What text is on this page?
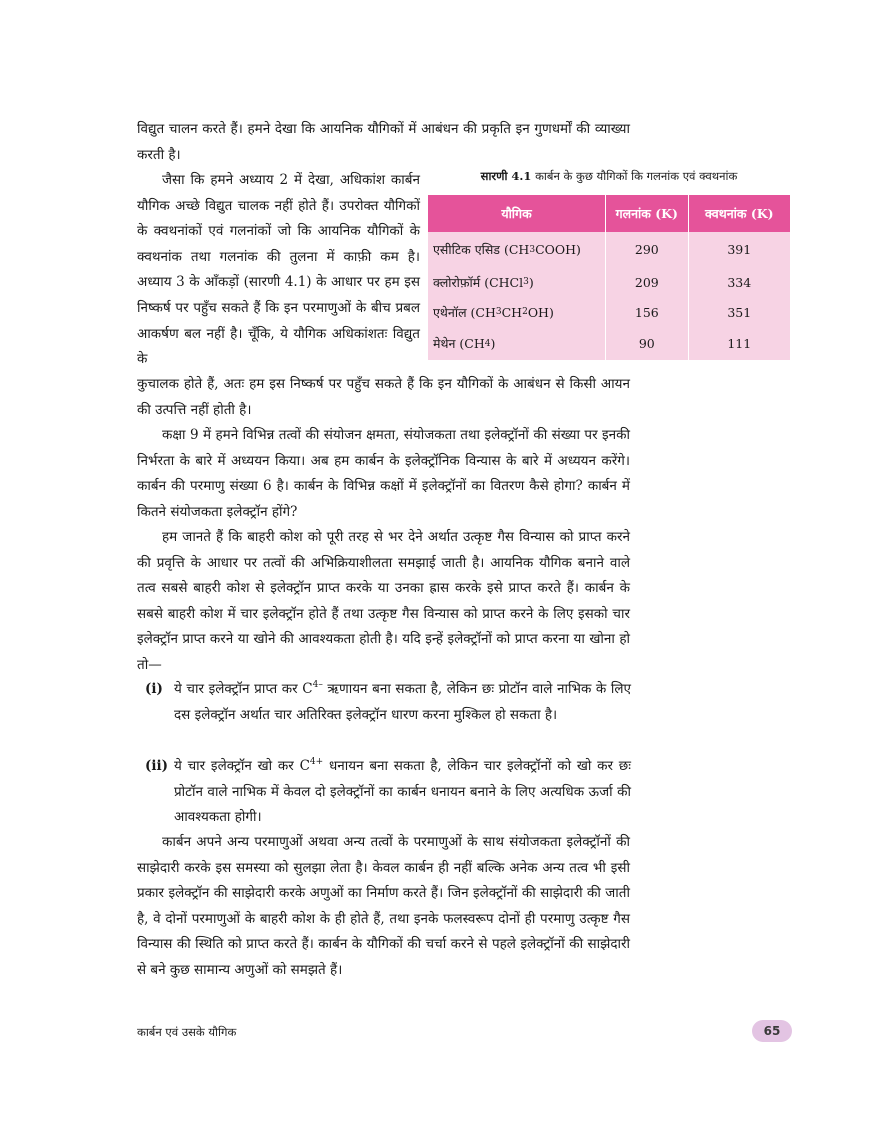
विद्युत चालन करते हैं। हमने देखा कि आयनिक यौगिकों में आबंधन की प्रकृति इन गुणधर्मों की व्याख्या करती है।
जैसा कि हमने अध्याय 2 में देखा, अधिकांश कार्बन यौगिक अच्छे विद्युत चालक नहीं होते हैं। उपरोक्त यौगिकों के क्वथनांकों एवं गलनांकों जो कि आयनिक यौगिकों के क्वथनांक तथा गलनांक की तुलना में काफ़ी कम है। अध्याय 3 के आँकड़ों (सारणी 4.1) के आधार पर हम इस निष्कर्ष पर पहुँच सकते हैं कि इन परमाणुओं के बीच प्रबल आकर्षण बल नहीं है। चूँकि, ये यौगिक अधिकांशतः विद्युत के
कुचालक होते हैं, अतः हम इस निष्कर्ष पर पहुँच सकते हैं कि इन यौगिकों के आबंधन से किसी आयन की उत्पत्ति नहीं होती है।
सारणी 4.1 कार्बन के कुछ यौगिकों कि गलनांक एवं क्वथनांक
यौगिक	गलनांक (K)	क्वथनांक (K)
एसीटिक एसिड (CH 3 COOH)	290	391
क्लोरोफ़ॉर्म (CHCl 3 )	209	334
एथेनॉल (CH 3 CH 2 OH)	156	351
मेथेन (CH 4 )	90	111
कक्षा 9 में हमने विभिन्न तत्वों की संयोजन क्षमता, संयोजकता तथा इलेक्ट्रॉनों की संख्या पर इनकी निर्भरता के बारे में अध्ययन किया। अब हम कार्बन के इलेक्ट्रॉनिक विन्यास के बारे में अध्ययन करेंगे। कार्बन की परमाणु संख्या 6 है। कार्बन के विभिन्न कक्षों में इलेक्ट्रॉनों का वितरण कैसे होगा? कार्बन में कितने संयोजकता इलेक्ट्रॉन होंगे?
हम जानते हैं कि बाहरी कोश को पूरी तरह से भर देने अर्थात उत्कृष्ट गैस विन्यास को प्राप्त करने की प्रवृत्ति के आधार पर तत्वों की अभिक्रियाशीलता समझाई जाती है। आयनिक यौगिक बनाने वाले तत्व सबसे बाहरी कोश से इलेक्ट्रॉन प्राप्त करके या उनका ह्रास करके इसे प्राप्त करते हैं। कार्बन के सबसे बाहरी कोश में चार इलेक्ट्रॉन होते हैं तथा उत्कृष्ट गैस विन्यास को प्राप्त करने के लिए इसको चार इलेक्ट्रॉन प्राप्त करने या खोने की आवश्यकता होती है। यदि इन्हें इलेक्ट्रॉनों को प्राप्त करना या खोना हो तो—
(i) ये चार इलेक्ट्रॉन प्राप्त कर $C^{4-}$ ऋणायन बना सकता है, लेकिन छः प्रोटॉन वाले नाभिक के लिए दस इलेक्ट्रॉन अर्थात चार अतिरिक्त इलेक्ट्रॉन धारण करना मुश्किल हो सकता है।
(ii) ये चार इलेक्ट्रॉन खो कर $C^{4+}$ धनायन बना सकता है, लेकिन चार इलेक्ट्रॉनों को खो कर छः प्रोटॉन वाले नाभिक में केवल दो इलेक्ट्रॉनों का कार्बन धनायन बनाने के लिए अत्यधिक ऊर्जा की आवश्यकता होगी।
कार्बन अपने अन्य परमाणुओं अथवा अन्य तत्वों के परमाणुओं के साथ संयोजकता इलेक्ट्रॉनों की साझेदारी करके इस समस्या को सुलझा लेता है। केवल कार्बन ही नहीं बल्कि अनेक अन्य तत्व भी इसी प्रकार इलेक्ट्रॉन की साझेदारी करके अणुओं का निर्माण करते हैं। जिन इलेक्ट्रॉनों की साझेदारी की जाती है, वे दोनों परमाणुओं के बाहरी कोश के ही होते हैं, तथा इनके फलस्वरूप दोनों ही परमाणु उत्कृष्ट गैस विन्यास की स्थिति को प्राप्त करते हैं। कार्बन के यौगिकों की चर्चा करने से पहले इलेक्ट्रॉनों की साझेदारी से बने कुछ सामान्य अणुओं को समझते हैं।
कार्बन एवं उसके यौगिक	65
